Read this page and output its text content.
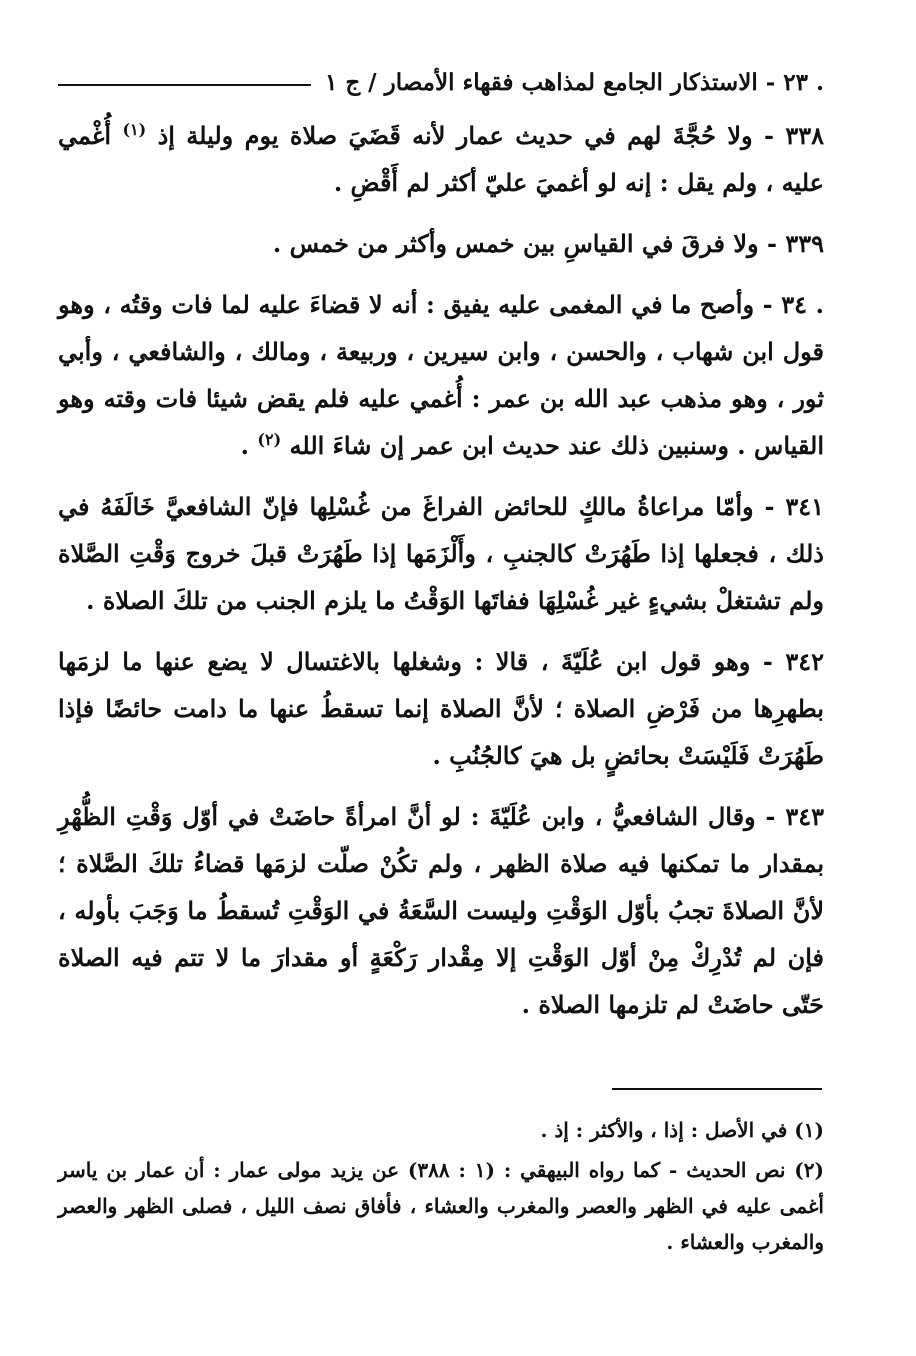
. ٢٣ - الاستذكار الجامع لمذاهب فقهاء الأمصار / ج ١

٣٣٨ - ولا حُجَّةَ لهم في حديث عمار لأنه قَضَيَ صلاة يوم وليلة إذ $^{(١)}$ أُغْمي عليه ، ولم يقل : إنه لو أغميَ عليّ أكثر لم أَقْضِ .

٣٣٩ - ولا فرقَ في القياسِ بين خمس وأكثر من خمس .

. ٣٤ - وأصح ما في المغمى عليه يفيق : أنه لا قضاءَ عليه لما فات وقتُه ، وهو قول ابن شهاب ، والحسن ، وابن سيرين ، وربيعة ، ومالك ، والشافعي ، وأبي ثور ، وهو مذهب عبد الله بن عمر : أُغمي عليه فلم يقض شيئا فات وقته وهو القياس . وسنبين ذلك عند حديث ابن عمر إن شاءَ الله $^{(٢)}$ .

٣٤١ - وأمّا مراعاةُ مالكٍ للحائض الفراغَ من غُسْلِها فإنّ الشافعيَّ خَالَفَهُ في ذلك ، فجعلها إذا طَهُرَتْ كالجنبِ ، وأَلْزَمَها إذا طَهُرَتْ قبلَ خروج وَقْتِ الصَّلاة ولم تشتغلْ بشيءٍ غير غُسْلِهَا ففاتَها الوَقْتُ ما يلزم الجنب من تلكَ الصلاة .

٣٤٢ - وهو قول ابن عُلَيّةَ ، قالا : وشغلها بالاغتسال لا يضع عنها ما لزمَها بطهرِها من فَرْضِ الصلاة ؛ لأنَّ الصلاة إنما تسقطُ عنها ما دامت حائضًا فإذا طَهُرَتْ فَلَيْسَتْ بحائضٍ بل هيَ كالجُنُبِ .

٣٤٣ - وقال الشافعيُّ ، وابن عُلَيّةَ : لو أنَّ امرأةً حاضَتْ في أوّل وَقْتِ الظُّهْرِ بمقدار ما تمكنها فيه صلاة الظهر ، ولم تكُنْ صلّت لزمَها قضاءُ تلكَ الصَّلاة ؛ لأنَّ الصلاةَ تجبُ بأوّل الوَقْتِ وليست السَّعَةُ في الوَقْتِ تُسقطُ ما وَجَبَ بأوله ، فإن لم تُدْرِكْ مِنْ أوّل الوَقْتِ إلا مِقْدار رَكْعَةٍ أو مقدارَ ما لا تتم فيه الصلاة حَتّى حاضَتْ لم تلزمها الصلاة .

(١) في الأصل : إذا ، والأكثر : إذ .

(٢) نص الحديث - كما رواه البيهقي : (١ : ٣٨٨) عن يزيد مولى عمار : أن عمار بن ياسر أغمى عليه في الظهر والعصر والمغرب والعشاء ، فأفاق نصف الليل ، فصلى الظهر والعصر والمغرب والعشاء .
